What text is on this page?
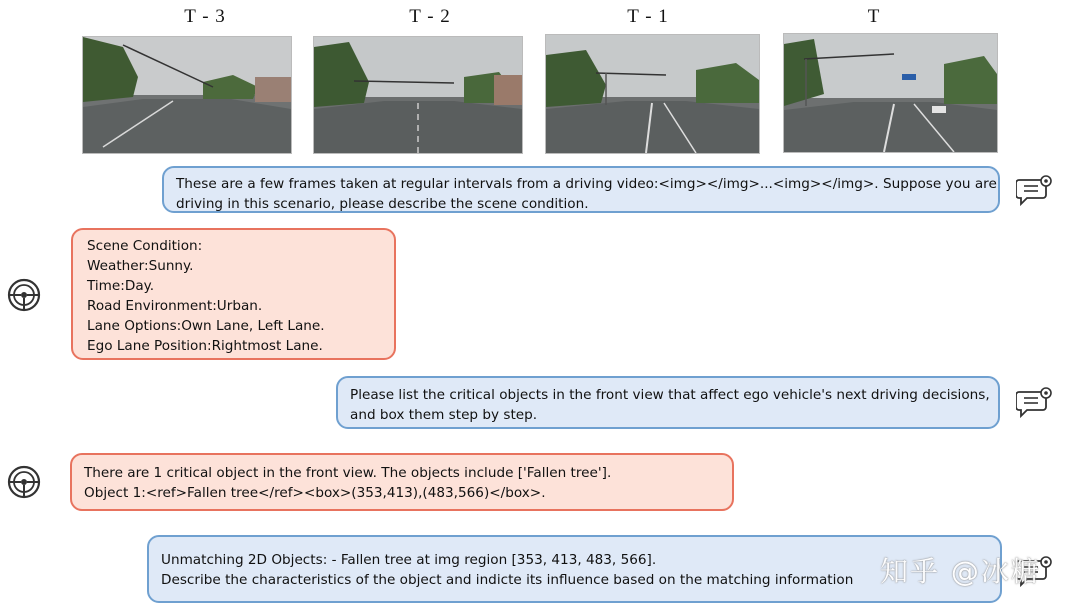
T - 3	T - 2	T - 1	T
These are a few frames taken at regular intervals from a driving video:<img></img>...<img></img>. Suppose you are
driving in this scenario, please describe the scene condition.
Scene Condition:
Weather:Sunny.
Time:Day.
Road Environment:Urban.
Lane Options:Own Lane, Left Lane.
Ego Lane Position:Rightmost Lane.
Please list the critical objects in the front view that affect ego vehicle's next driving decisions,
and box them step by step.
There are 1 critical object in the front view. The objects include ['Fallen tree'].
Object 1:<ref>Fallen tree</ref><box>(353,413),(483,566)</box>.
Unmatching 2D Objects: - Fallen tree at img region [353, 413, 483, 566].
Describe the characteristics of the object and indicte its influence based on the matching information 知乎 @冰糖
